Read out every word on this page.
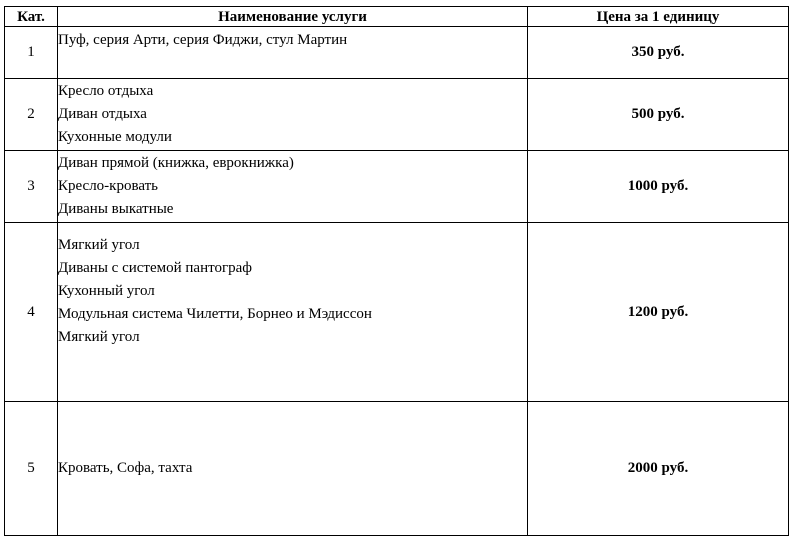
Кат.	Наименование услуги	Цена за 1 единицу
1	Пуф, серия Арти, серия Фиджи, стул Мартин	350 руб.
2	Кресло отдыха
Диван отдыха
Кухонные модули	500 руб.
3	Диван прямой (книжка, еврокнижка)
Кресло-кровать
Диваны выкатные	1000 руб.
4	Мягкий угол
Диваны с системой пантограф
Кухонный угол
Модульная система Чилетти, Борнео и Мэдиссон
Мягкий угол	1200 руб.
5	Кровать, Софа, тахта	2000 руб.
